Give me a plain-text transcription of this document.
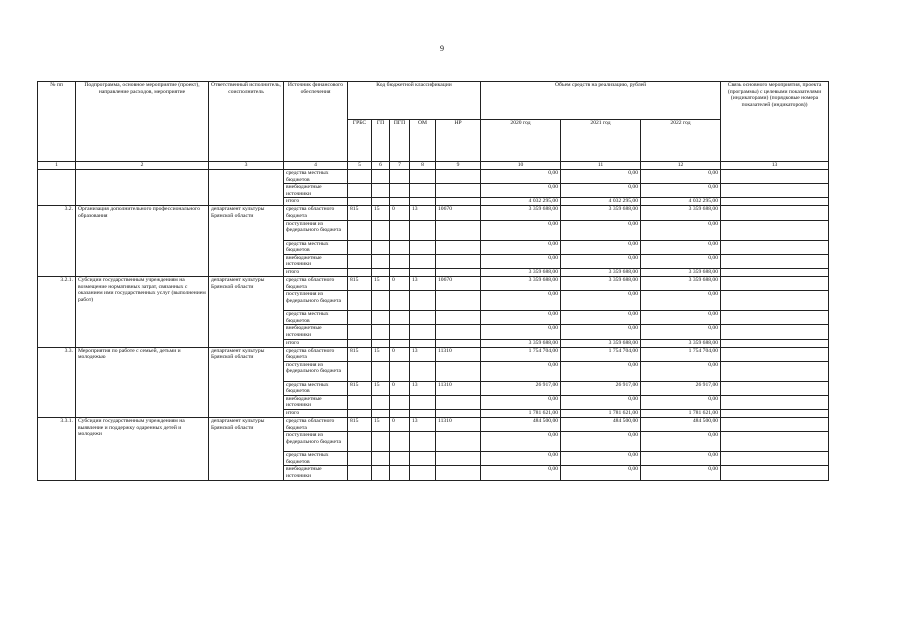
9
№ пп	Подпрограмма, основное мероприятие (проект), направление расходов, мероприятие	Ответственный исполнитель, соисполнитель	Источник финансового обеспечения	Код бюджетной классификации					Объем средств на реализацию, рублей			Связь основного мероприятия, проекта (программы) с целевыми показателями (индикаторами) (порядковые номера показателей (индикаторов))
				ГРБС	ГП	ПГП	ОМ	НР	2020 год	2021 год	2022 год	
1	2	3	4	5	6	7	8	9	10	11	12	13
			средства местных бюджетов						0,00	0,00	0,00	
			внебюджетные источники						0,00	0,00	0,00	
			итого						4 032 295,00	4 032 295,00	4 032 295,00	
3.2.	Организация дополнительного профессионального образования	департамент культуры Брянской области	средства областного бюджета	815	15	0	13	10670	3 359 688,00	3 359 688,00	3 359 688,00	
			поступления из федерального бюджета						0,00	0,00	0,00	
			средства местных бюджетов						0,00	0,00	0,00	
			внебюджетные источники						0,00	0,00	0,00	
			итого						3 359 688,00	3 359 688,00	3 359 688,00	
3.2.1.	Субсидии государственным учреждениям на возмещение нормативных затрат, связанных с оказанием ими государственных услуг (выполнением работ)	департамент культуры Брянской области	средства областного бюджета	815	15	0	13	10670	3 359 688,00	3 359 688,00	3 359 688,00	
			поступления из федерального бюджета						0,00	0,00	0,00	
			средства местных бюджетов						0,00	0,00	0,00	
			внебюджетные источники						0,00	0,00	0,00	
			итого						3 359 688,00	3 359 688,00	3 359 688,00	
3.3.	Мероприятия по работе с семьей, детьми и молодежью	департамент культуры Брянской области	средства областного бюджета	815	15	0	13	11310	1 754 704,00	1 754 704,00	1 754 704,00	
			поступления из федерального бюджета						0,00	0,00	0,00	
			средства местных бюджетов	815	15	0	13	11310	26 917,00	26 917,00	26 917,00	
			внебюджетные источники						0,00	0,00	0,00	
			итого						1 781 621,00	1 781 621,00	1 781 621,00	
3.3.1.	Субсидии государственным учреждениям на выявление и поддержку одаренных детей и молодежи	департамент культуры Брянской области	средства областного бюджета	815	15	0	13	11310	484 500,00	484 500,00	484 500,00	
			поступления из федерального бюджета						0,00	0,00	0,00	
			средства местных бюджетов						0,00	0,00	0,00	
			внебюджетные источники						0,00	0,00	0,00	
